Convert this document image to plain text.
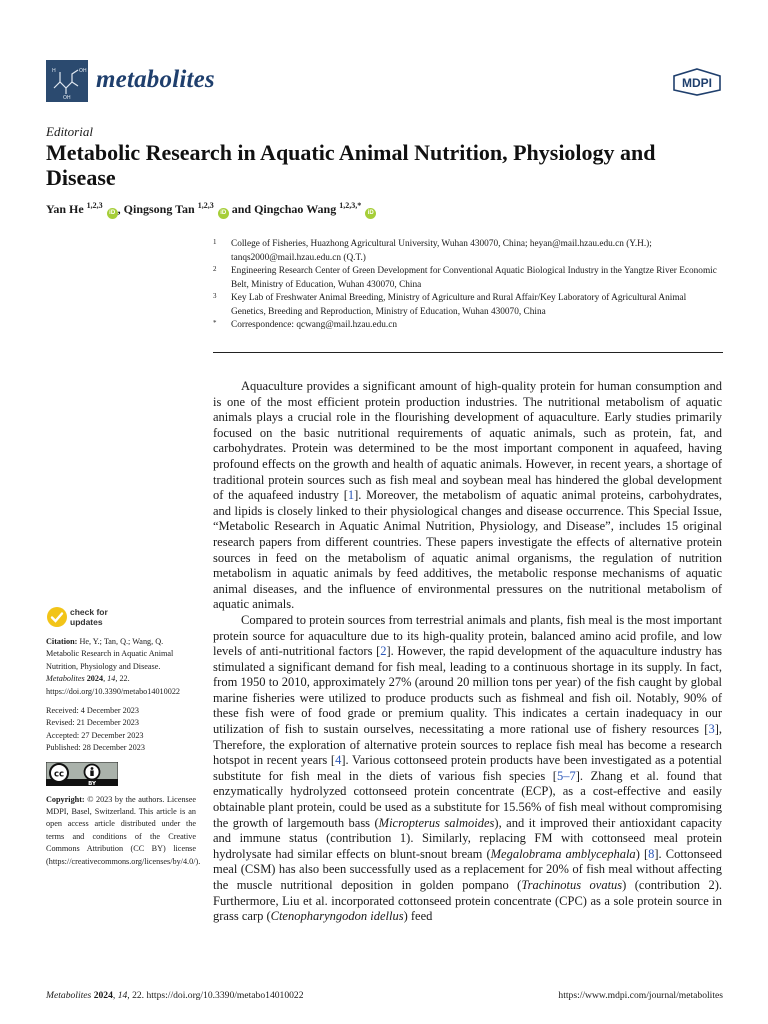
H	OH
OH
metabolites	MDPI
Editorial
Metabolic Research in Aquatic Animal Nutrition, Physiology and Disease
Yan He $^{1,2,3}$ iD , Qingsong Tan $^{1,2,3}$ iD and Qingchao Wang $^{1,2,3,*}$ iD
1 College of Fisheries, Huazhong Agricultural University, Wuhan 430070, China; heyan@mail.hzau.edu.cn (Y.H.); tanqs2000@mail.hzau.edu.cn (Q.T.)
2 Engineering Research Center of Green Development for Conventional Aquatic Biological Industry in the Yangtze River Economic Belt, Ministry of Education, Wuhan 430070, China
3 Key Lab of Freshwater Animal Breeding, Ministry of Agriculture and Rural Affair/Key Laboratory of Agricultural Animal Genetics, Breeding and Reproduction, Ministry of Education, Wuhan 430070, China
* Correspondence: qcwang@mail.hzau.edu.cn
check for
updates
Citation: He, Y.; Tan, Q.; Wang, Q. Metabolic Research in Aquatic Animal Nutrition, Physiology and Disease. Metabolites 2024, 14, 22. https://doi.org/10.3390/metabo14010022
Received: 4 December 2023
Revised: 21 December 2023
Accepted: 27 December 2023
Published: 28 December 2023
cc
BY
Copyright: © 2023 by the authors. Licensee MDPI, Basel, Switzerland. This article is an open access article distributed under the terms and conditions of the Creative Commons Attribution (CC BY) license (https://creativecommons.org/licenses/by/4.0/).

Aquaculture provides a significant amount of high-quality protein for human consumption and is one of the most efficient protein production industries. The nutritional metabolism of aquatic animals plays a crucial role in the flourishing development of aquaculture. Early studies primarily focused on the basic nutritional requirements of aquatic animals, such as protein, fat, and carbohydrates. Protein was determined to be the most important component in aquafeed, having profound effects on the growth and health of aquatic animals. However, in recent years, a shortage of traditional protein sources such as fish meal and soybean meal has hindered the global development of the aquafeed industry [1]. Moreover, the metabolism of aquatic animal proteins, carbohydrates, and lipids is closely linked to their physiological changes and disease occurrence. This Special Issue, “Metabolic Research in Aquatic Animal Nutrition, Physiology, and Disease”, includes 15 original research papers from different countries. These papers investigate the effects of alternative protein sources in feed on the metabolism of aquatic animal organisms, the regulation of nutrition metabolism in aquatic animals by feed additives, the metabolic response mechanisms of aquatic animal diseases, and the influence of environmental pressures on the nutritional metabolism of aquatic animals.

Compared to protein sources from terrestrial animals and plants, fish meal is the most important protein source for aquaculture due to its high-quality protein, balanced amino acid profile, and low levels of anti-nutritional factors [2]. However, the rapid development of the aquaculture industry has stimulated a significant demand for fish meal, leading to a continuous shortage in its supply. In fact, from 1950 to 2010, approximately 27% (around 20 million tons per year) of the fish caught by global marine fisheries were utilized to produce products such as fishmeal and fish oil. Notably, 90% of these fish were of food grade or premium quality. This indicates a certain inadequacy in our utilization of fish to sustain ourselves, necessitating a more rational use of fishery resources [3], Therefore, the exploration of alternative protein sources to replace fish meal has become a research hotspot in recent years [4]. Various cottonseed protein products have been investigated as a potential substitute for fish meal in the diets of various fish species [5–7]. Zhang et al. found that enzymatically hydrolyzed cottonseed protein concentrate (ECP), as a cost-effective and easily obtainable plant protein, could be used as a substitute for 15.56% of fish meal without compromising the growth of largemouth bass (Micropterus salmoides), and it improved their antioxidant capacity and immune status (contribution 1). Similarly, replacing FM with cottonseed meal protein hydrolysate had similar effects on blunt-snout bream (Megalobrama amblycephala) [8]. Cottonseed meal (CSM) has also been successfully used as a replacement for 20% of fish meal without affecting the muscle nutritional deposition in golden pompano (Trachinotus ovatus) (contribution 2). Furthermore, Liu et al. incorporated cottonseed protein concentrate (CPC) as a sole protein source in grass carp (Ctenopharyngodon idellus) feed

Metabolites 2024, 14, 22. https://doi.org/10.3390/metabo14010022	https://www.mdpi.com/journal/metabolites
